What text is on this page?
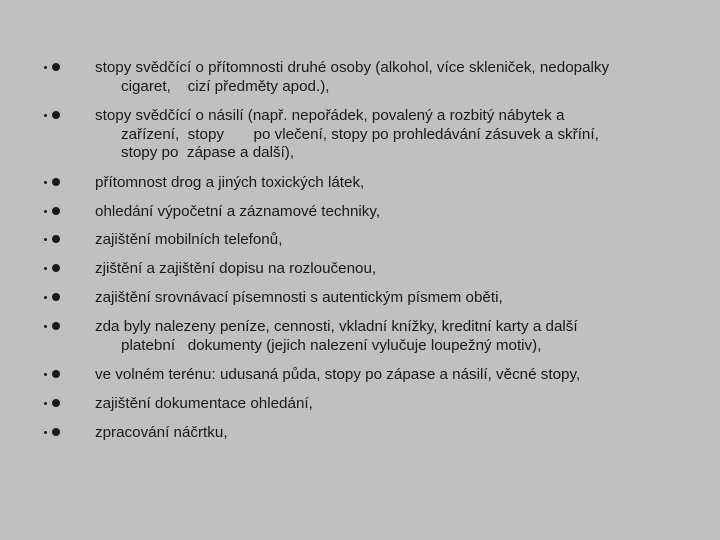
stopy svědčící o přítomnosti druhé osoby (alkohol, více skleniček, nedopalky
cigaret,    cizí předměty apod.),
stopy svědčící o násilí (např. nepořádek, povalený a rozbitý nábytek a
zařízení,  stopy       po vlečení, stopy po prohledávání zásuvek a skříní,
stopy po  zápase a další),
přítomnost drog a jiných toxických látek,
ohledání výpočetní a záznamové techniky,
zajištění mobilních telefonů,
zjištění a zajištění dopisu na rozloučenou,
zajištění srovnávací písemnosti s autentickým písmem oběti,
zda byly nalezeny peníze, cennosti, vkladní knížky, kreditní karty a další
platební   dokumenty (jejich nalezení vylučuje loupežný motiv),
ve volném terénu: udusaná půda, stopy po zápase a násilí, věcné stopy,
zajištění dokumentace ohledání,
zpracování náčrtku,
